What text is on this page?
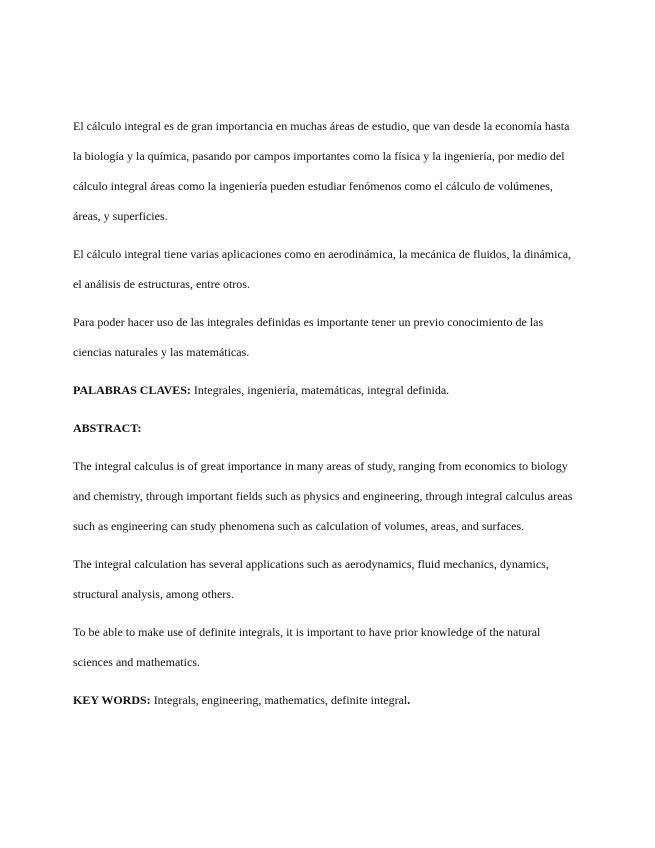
El cálculo integral es de gran importancia en muchas áreas de estudio, que van desde la economía hasta la biología y la química, pasando por campos importantes como la física y la ingeniería, por medio del cálculo integral áreas como la ingeniería pueden estudiar fenómenos como el cálculo de volúmenes, áreas, y superficies.

El cálculo integral tiene varias aplicaciones como en aerodinámica, la mecánica de fluidos, la dinámica, el análisis de estructuras, entre otros.

Para poder hacer uso de las integrales definidas es importante tener un previo conocimiento de las ciencias naturales y las matemáticas.

PALABRAS CLAVES: Integrales, ingeniería, matemáticas, integral definida.

ABSTRACT:

The integral calculus is of great importance in many areas of study, ranging from economics to biology and chemistry, through important fields such as physics and engineering, through integral calculus areas such as engineering can study phenomena such as calculation of volumes, areas, and surfaces.

The integral calculation has several applications such as aerodynamics, fluid mechanics, dynamics, structural analysis, among others.

To be able to make use of definite integrals, it is important to have prior knowledge of the natural sciences and mathematics.

KEY WORDS: Integrals, engineering, mathematics, definite integral.
